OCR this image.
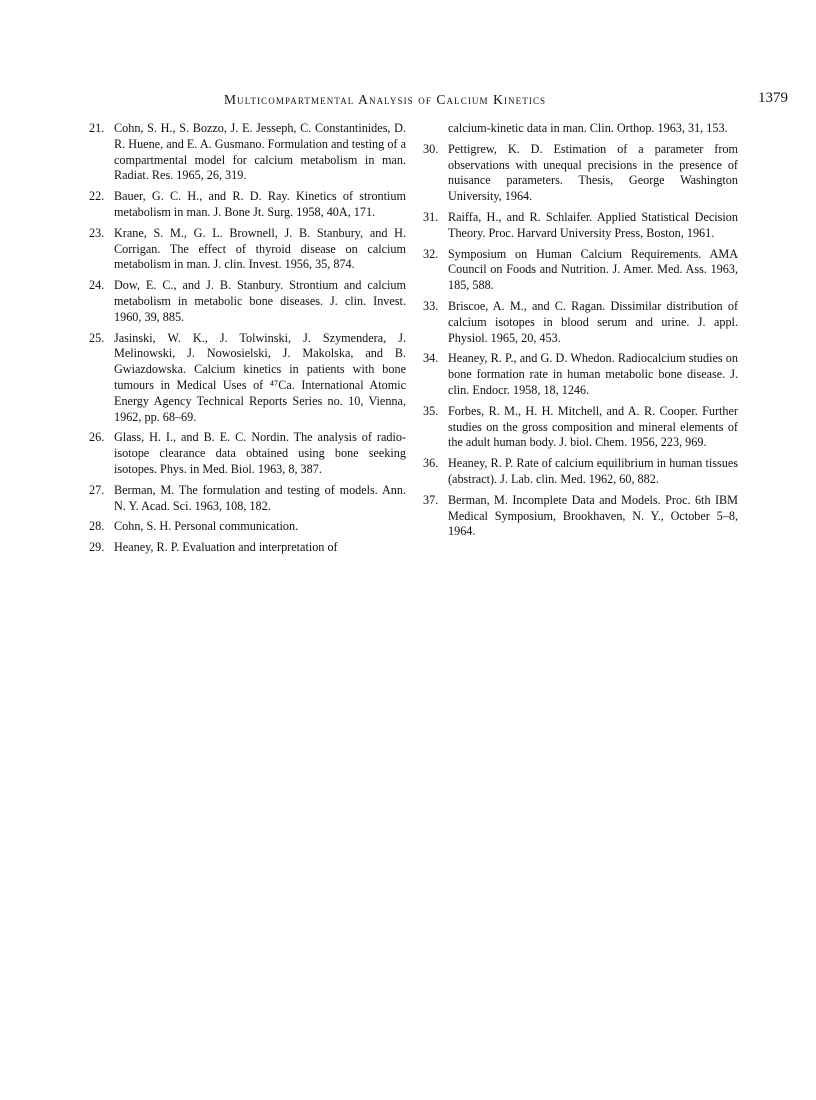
Multicompartmental Analysis of Calcium Kinetics	1379
21. Cohn, S. H., S. Bozzo, J. E. Jesseph, C. Constantinides, D. R. Huene, and E. A. Gusmano. Formulation and testing of a compartmental model for calcium metabolism in man. Radiat. Res. 1965, 26, 319.
22. Bauer, G. C. H., and R. D. Ray. Kinetics of strontium metabolism in man. J. Bone Jt. Surg. 1958, 40A, 171.
23. Krane, S. M., G. L. Brownell, J. B. Stanbury, and H. Corrigan. The effect of thyroid disease on calcium metabolism in man. J. clin. Invest. 1956, 35, 874.
24. Dow, E. C., and J. B. Stanbury. Strontium and calcium metabolism in metabolic bone diseases. J. clin. Invest. 1960, 39, 885.
25. Jasinski, W. K., J. Tolwinski, J. Szymendera, J. Melinowski, J. Nowosielski, J. Makolska, and B. Gwiazdowska. Calcium kinetics in patients with bone tumours in Medical Uses of ⁴⁷Ca. International Atomic Energy Agency Technical Reports Series no. 10, Vienna, 1962, pp. 68–69.
26. Glass, H. I., and B. E. C. Nordin. The analysis of radio-isotope clearance data obtained using bone seeking isotopes. Phys. in Med. Biol. 1963, 8, 387.
27. Berman, M. The formulation and testing of models. Ann. N. Y. Acad. Sci. 1963, 108, 182.
28. Cohn, S. H. Personal communication.
29. Heaney, R. P. Evaluation and interpretation of
calcium-kinetic data in man. Clin. Orthop. 1963, 31, 153.
30. Pettigrew, K. D. Estimation of a parameter from observations with unequal precisions in the presence of nuisance parameters. Thesis, George Washington University, 1964.
31. Raiffa, H., and R. Schlaifer. Applied Statistical Decision Theory. Proc. Harvard University Press, Boston, 1961.
32. Symposium on Human Calcium Requirements. AMA Council on Foods and Nutrition. J. Amer. Med. Ass. 1963, 185, 588.
33. Briscoe, A. M., and C. Ragan. Dissimilar distribution of calcium isotopes in blood serum and urine. J. appl. Physiol. 1965, 20, 453.
34. Heaney, R. P., and G. D. Whedon. Radiocalcium studies on bone formation rate in human metabolic bone disease. J. clin. Endocr. 1958, 18, 1246.
35. Forbes, R. M., H. H. Mitchell, and A. R. Cooper. Further studies on the gross composition and mineral elements of the adult human body. J. biol. Chem. 1956, 223, 969.
36. Heaney, R. P. Rate of calcium equilibrium in human tissues (abstract). J. Lab. clin. Med. 1962, 60, 882.
37. Berman, M. Incomplete Data and Models. Proc. 6th IBM Medical Symposium, Brookhaven, N. Y., October 5–8, 1964.
